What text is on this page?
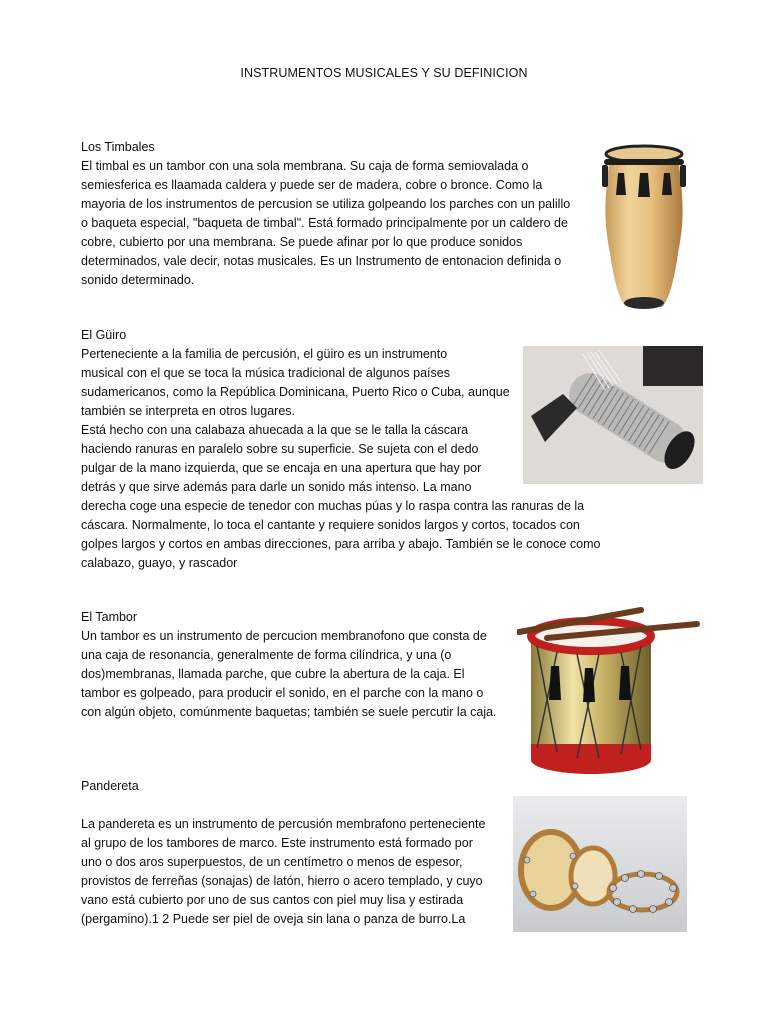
INSTRUMENTOS MUSICALES Y SU DEFINICION
Los Timbales
El timbal es un tambor con una sola membrana. Su caja de forma semiovalada o
semiesferica es llaamada caldera y puede ser de madera, cobre o bronce. Como la
mayoria de los instrumentos de percusion se utiliza golpeando los parches con un palillo
o baqueta especial, "baqueta de timbal". Está formado principalmente por un caldero de
cobre, cubierto por una membrana. Se puede afinar por lo que produce sonidos
determinados, vale decir, notas musicales. Es un Instrumento de entonacion definida o
sonido determinado.
El Güiro
Perteneciente a la familia de percusión, el güiro es un instrumento
musical con el que se toca la música tradicional de algunos países
sudamericanos, como la República Dominicana, Puerto Rico o Cuba, aunque
también se interpreta en otros lugares.
Está hecho con una calabaza ahuecada a la que se le talla la cáscara
haciendo ranuras en paralelo sobre su superficie. Se sujeta con el dedo
pulgar de la mano izquierda, que se encaja en una apertura que hay por
detrás y que sirve además para darle un sonido más intenso. La mano
derecha coge una especie de tenedor con muchas púas y lo raspa contra las ranuras de la
cáscara. Normalmente, lo toca el cantante y requiere sonidos largos y cortos, tocados con
golpes largos y cortos en ambas direcciones, para arriba y abajo. También se le conoce como
calabazo, guayo, y rascador
El Tambor
Un tambor es un instrumento de percucion membranofono que consta de
una caja de resonancia, generalmente de forma cilíndrica, y una (o
dos)membranas, llamada parche, que cubre la abertura de la caja. El
tambor es golpeado, para producir el sonido, en el parche con la mano o
con algún objeto, comúnmente baquetas; también se suele percutir la caja.
Pandereta
La pandereta es un instrumento de percusión membrafono perteneciente
al grupo de los tambores de marco. Este instrumento está formado por
uno o dos aros superpuestos, de un centímetro o menos de espesor,
provistos de ferreñas (sonajas) de latón, hierro o acero templado, y cuyo
vano está cubierto por uno de sus cantos con piel muy lisa y estirada
(pergamino).1 2 Puede ser piel de oveja sin lana o panza de burro.La
